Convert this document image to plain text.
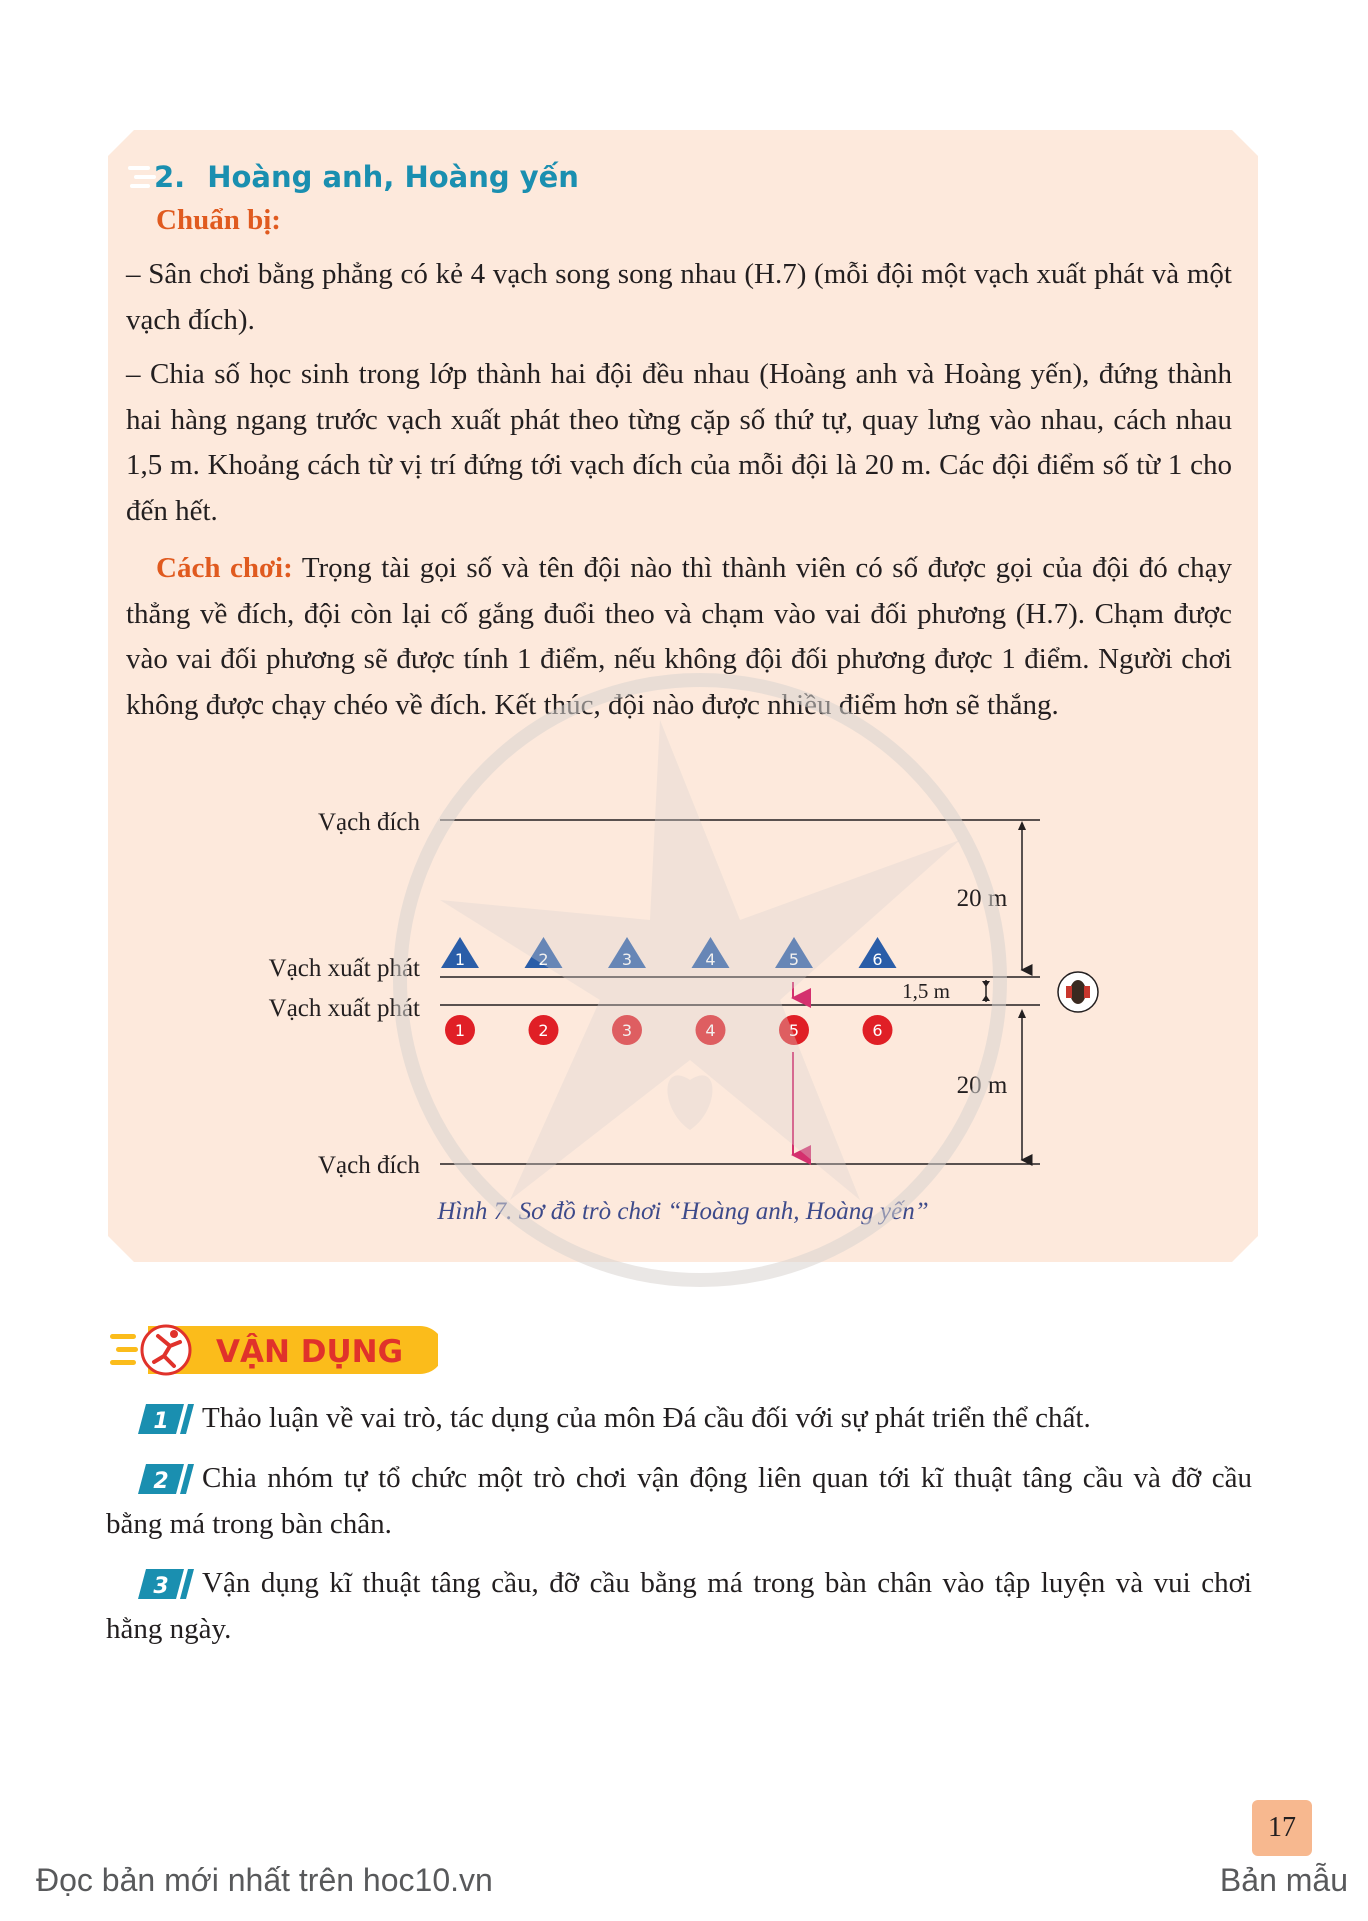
2. Hoàng anh, Hoàng yến

Chuẩn bị:

– Sân chơi bằng phẳng có kẻ 4 vạch song song nhau (H.7) (mỗi đội một vạch xuất phát và một vạch đích).

– Chia số học sinh trong lớp thành hai đội đều nhau (Hoàng anh và Hoàng yến), đứng thành hai hàng ngang trước vạch xuất phát theo từng cặp số thứ tự, quay lưng vào nhau, cách nhau 1,5 m. Khoảng cách từ vị trí đứng tới vạch đích của mỗi đội là 20 m. Các đội điểm số từ 1 cho đến hết.

Cách chơi: Trọng tài gọi số và tên đội nào thì thành viên có số được gọi của đội đó chạy thẳng về đích, đội còn lại cố gắng đuổi theo và chạm vào vai đối phương (H.7). Chạm được vào vai đối phương sẽ được tính 1 điểm, nếu không đội đối phương được 1 điểm. Người chơi không được chạy chéo về đích. Kết thúc, đội nào được nhiều điểm hơn sẽ thắng.

Vạch đích
Vạch xuất phát
Vạch xuất phát
Vạch đích
20 m
1,5 m
20 m
1	2	3	4	5	6
1	2	3	4	5	6
Hình 7. Sơ đồ trò chơi “Hoàng anh, Hoàng yến”
VẬN DỤNG

Thảo luận về vai trò, tác dụng của môn Đá cầu đối với sự phát triển thể chất.

Chia nhóm tự tổ chức một trò chơi vận động liên quan tới kĩ thuật tâng cầu và đỡ cầu bằng má trong bàn chân.

Vận dụng kĩ thuật tâng cầu, đỡ cầu bằng má trong bàn chân vào tập luyện và vui chơi hằng ngày.

1
2
3
17
Đọc bản mới nhất trên hoc10.vn	Bản mẫu
